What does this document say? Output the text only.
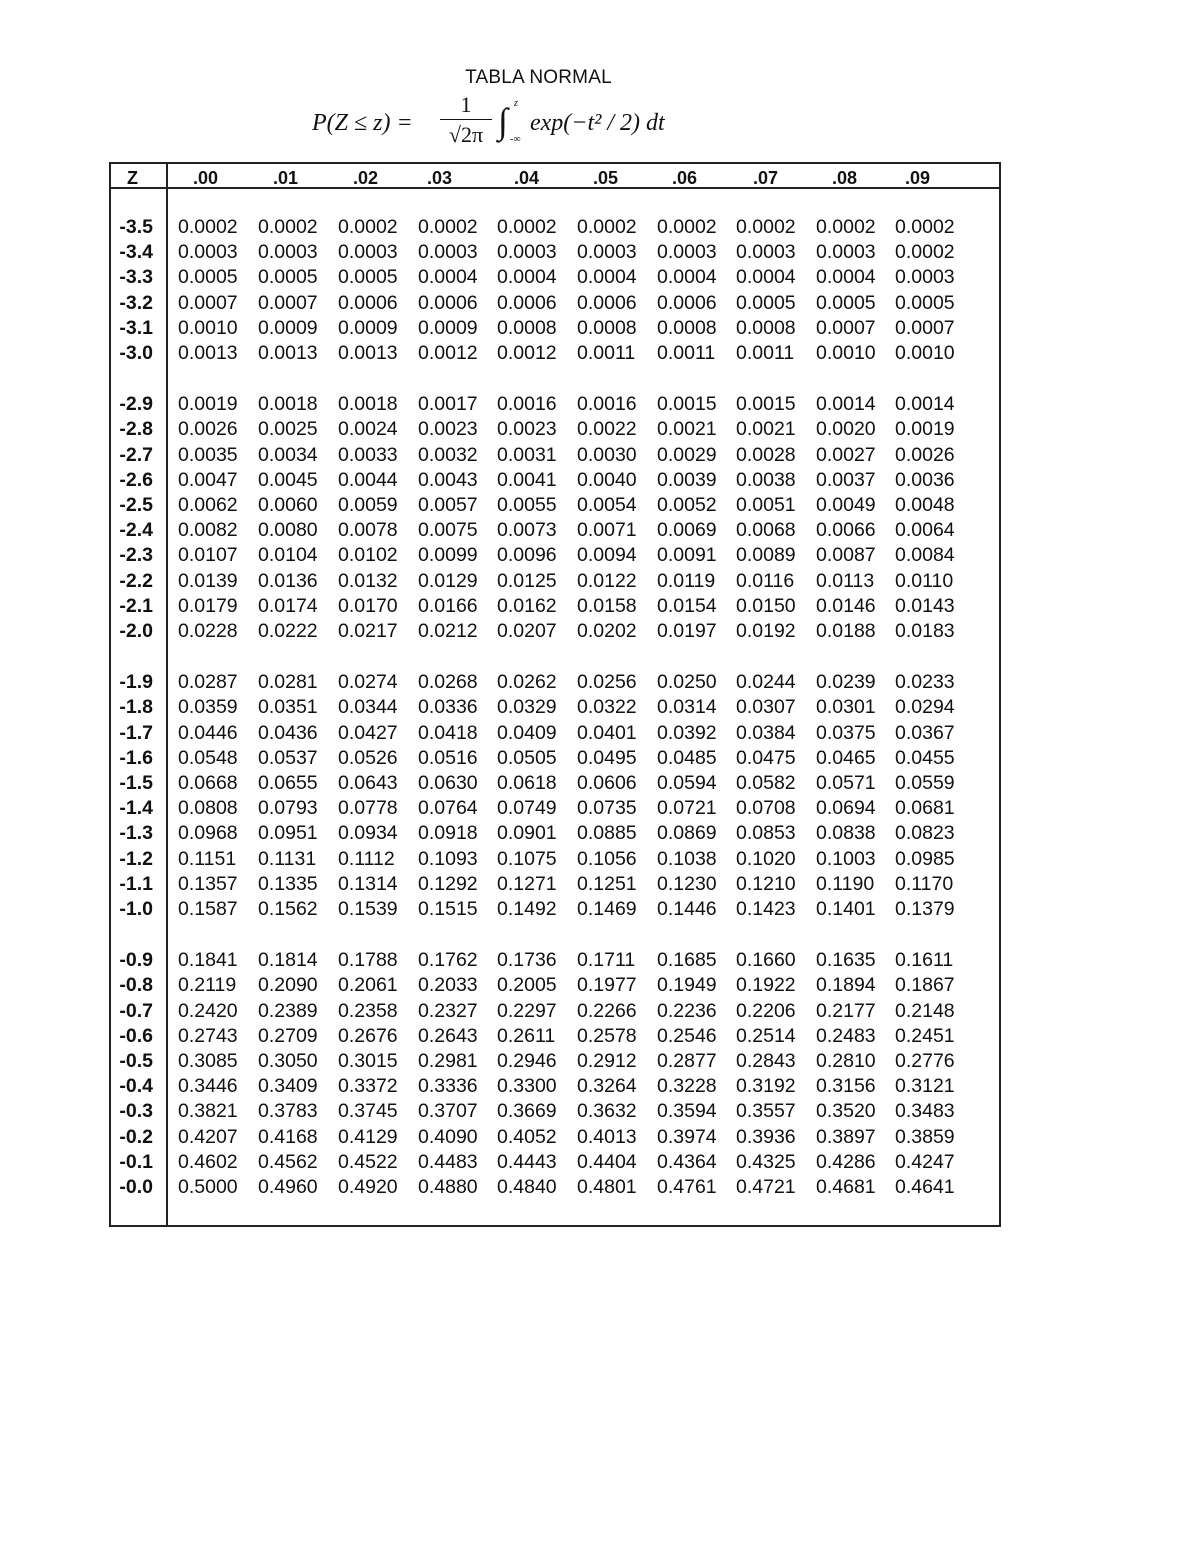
TABLA NORMAL
P(Z ≤ z) =
1
√2π ∫ z
-∞
exp(−t² / 2) dt
Z	.00	.01	.02	.03	.04	.05	.06	.07	.08	.09
-3.5 0.0002 0.0002 0.0002 0.0002 0.0002 0.0002 0.0002 0.0002 0.0002 0.0002
-3.4 0.0003 0.0003 0.0003 0.0003 0.0003 0.0003 0.0003 0.0003 0.0003 0.0002
-3.3 0.0005 0.0005 0.0005 0.0004 0.0004 0.0004 0.0004 0.0004 0.0004 0.0003
-3.2 0.0007 0.0007 0.0006 0.0006 0.0006 0.0006 0.0006 0.0005 0.0005 0.0005
-3.1 0.0010 0.0009 0.0009 0.0009 0.0008 0.0008 0.0008 0.0008 0.0007 0.0007
-3.0 0.0013 0.0013 0.0013 0.0012 0.0012 0.0011 0.0011 0.0011 0.0010 0.0010
-2.9 0.0019 0.0018 0.0018 0.0017 0.0016 0.0016 0.0015 0.0015 0.0014 0.0014
-2.8 0.0026 0.0025 0.0024 0.0023 0.0023 0.0022 0.0021 0.0021 0.0020 0.0019
-2.7 0.0035 0.0034 0.0033 0.0032 0.0031 0.0030 0.0029 0.0028 0.0027 0.0026
-2.6 0.0047 0.0045 0.0044 0.0043 0.0041 0.0040 0.0039 0.0038 0.0037 0.0036
-2.5 0.0062 0.0060 0.0059 0.0057 0.0055 0.0054 0.0052 0.0051 0.0049 0.0048
-2.4 0.0082 0.0080 0.0078 0.0075 0.0073 0.0071 0.0069 0.0068 0.0066 0.0064
-2.3 0.0107 0.0104 0.0102 0.0099 0.0096 0.0094 0.0091 0.0089 0.0087 0.0084
-2.2 0.0139 0.0136 0.0132 0.0129 0.0125 0.0122 0.0119 0.0116 0.0113 0.0110
-2.1 0.0179 0.0174 0.0170 0.0166 0.0162 0.0158 0.0154 0.0150 0.0146 0.0143
-2.0 0.0228 0.0222 0.0217 0.0212 0.0207 0.0202 0.0197 0.0192 0.0188 0.0183
-1.9 0.0287 0.0281 0.0274 0.0268 0.0262 0.0256 0.0250 0.0244 0.0239 0.0233
-1.8 0.0359 0.0351 0.0344 0.0336 0.0329 0.0322 0.0314 0.0307 0.0301 0.0294
-1.7 0.0446 0.0436 0.0427 0.0418 0.0409 0.0401 0.0392 0.0384 0.0375 0.0367
-1.6 0.0548 0.0537 0.0526 0.0516 0.0505 0.0495 0.0485 0.0475 0.0465 0.0455
-1.5 0.0668 0.0655 0.0643 0.0630 0.0618 0.0606 0.0594 0.0582 0.0571 0.0559
-1.4 0.0808 0.0793 0.0778 0.0764 0.0749 0.0735 0.0721 0.0708 0.0694 0.0681
-1.3 0.0968 0.0951 0.0934 0.0918 0.0901 0.0885 0.0869 0.0853 0.0838 0.0823
-1.2 0.1151 0.1131 0.1112 0.1093 0.1075 0.1056 0.1038 0.1020 0.1003 0.0985
-1.1 0.1357 0.1335 0.1314 0.1292 0.1271 0.1251 0.1230 0.1210 0.1190 0.1170
-1.0 0.1587 0.1562 0.1539 0.1515 0.1492 0.1469 0.1446 0.1423 0.1401 0.1379
-0.9 0.1841 0.1814 0.1788 0.1762 0.1736 0.1711 0.1685 0.1660 0.1635 0.1611
-0.8 0.2119 0.2090 0.2061 0.2033 0.2005 0.1977 0.1949 0.1922 0.1894 0.1867
-0.7 0.2420 0.2389 0.2358 0.2327 0.2297 0.2266 0.2236 0.2206 0.2177 0.2148
-0.6 0.2743 0.2709 0.2676 0.2643 0.2611 0.2578 0.2546 0.2514 0.2483 0.2451
-0.5 0.3085 0.3050 0.3015 0.2981 0.2946 0.2912 0.2877 0.2843 0.2810 0.2776
-0.4 0.3446 0.3409 0.3372 0.3336 0.3300 0.3264 0.3228 0.3192 0.3156 0.3121
-0.3 0.3821 0.3783 0.3745 0.3707 0.3669 0.3632 0.3594 0.3557 0.3520 0.3483
-0.2 0.4207 0.4168 0.4129 0.4090 0.4052 0.4013 0.3974 0.3936 0.3897 0.3859
-0.1 0.4602 0.4562 0.4522 0.4483 0.4443 0.4404 0.4364 0.4325 0.4286 0.4247
-0.0 0.5000 0.4960 0.4920 0.4880 0.4840 0.4801 0.4761 0.4721 0.4681 0.4641
